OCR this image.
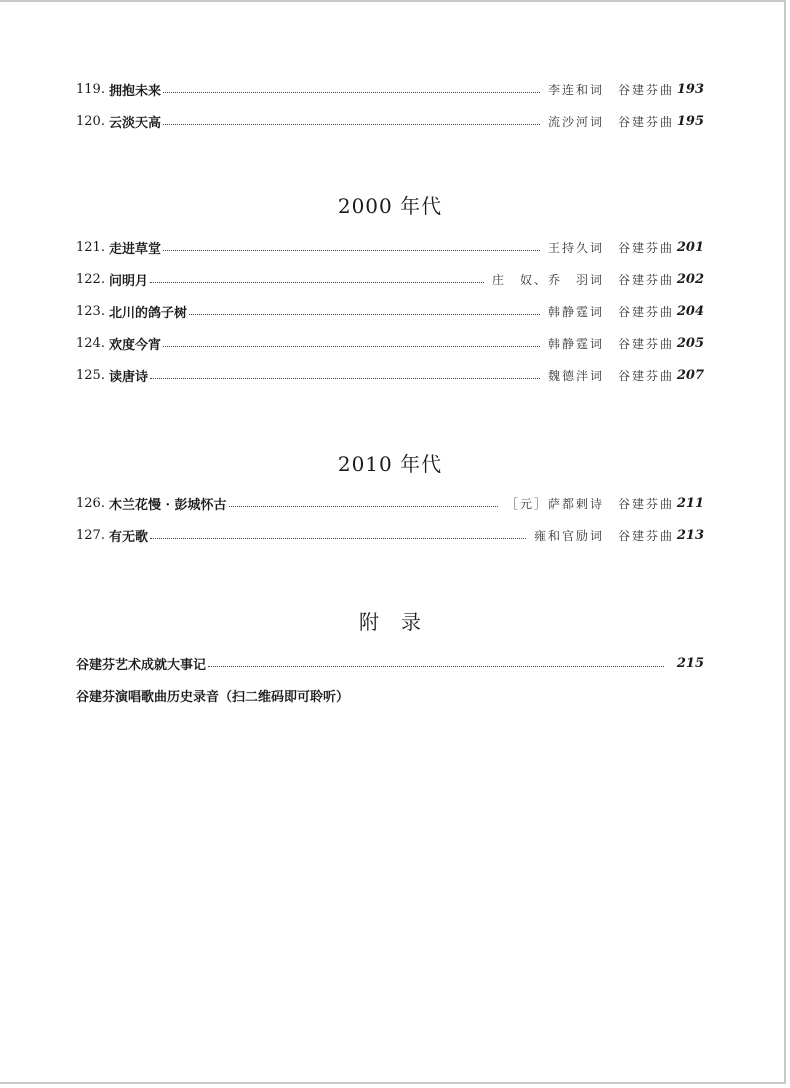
119. 拥抱未来	李连和词 谷建芬曲 193
120. 云淡天高	流沙河词 谷建芬曲 195
2000 年代
121. 走进草堂	王持久词 谷建芬曲 201
122. 问明月	庄　奴、乔　羽词 谷建芬曲 202
123. 北川的鸽子树	韩静霆词 谷建芬曲 204
124. 欢度今宵	韩静霆词 谷建芬曲 205
125. 读唐诗	魏德泮词 谷建芬曲 207
2010 年代
126. 木兰花慢 · 彭城怀古	［元］萨都剌诗 谷建芬曲 211
127. 有无歌	雍和官励词 谷建芬曲 213
附录
谷建芬艺术成就大事记	215
谷建芬演唱歌曲历史录音（扫二维码即可聆听）
